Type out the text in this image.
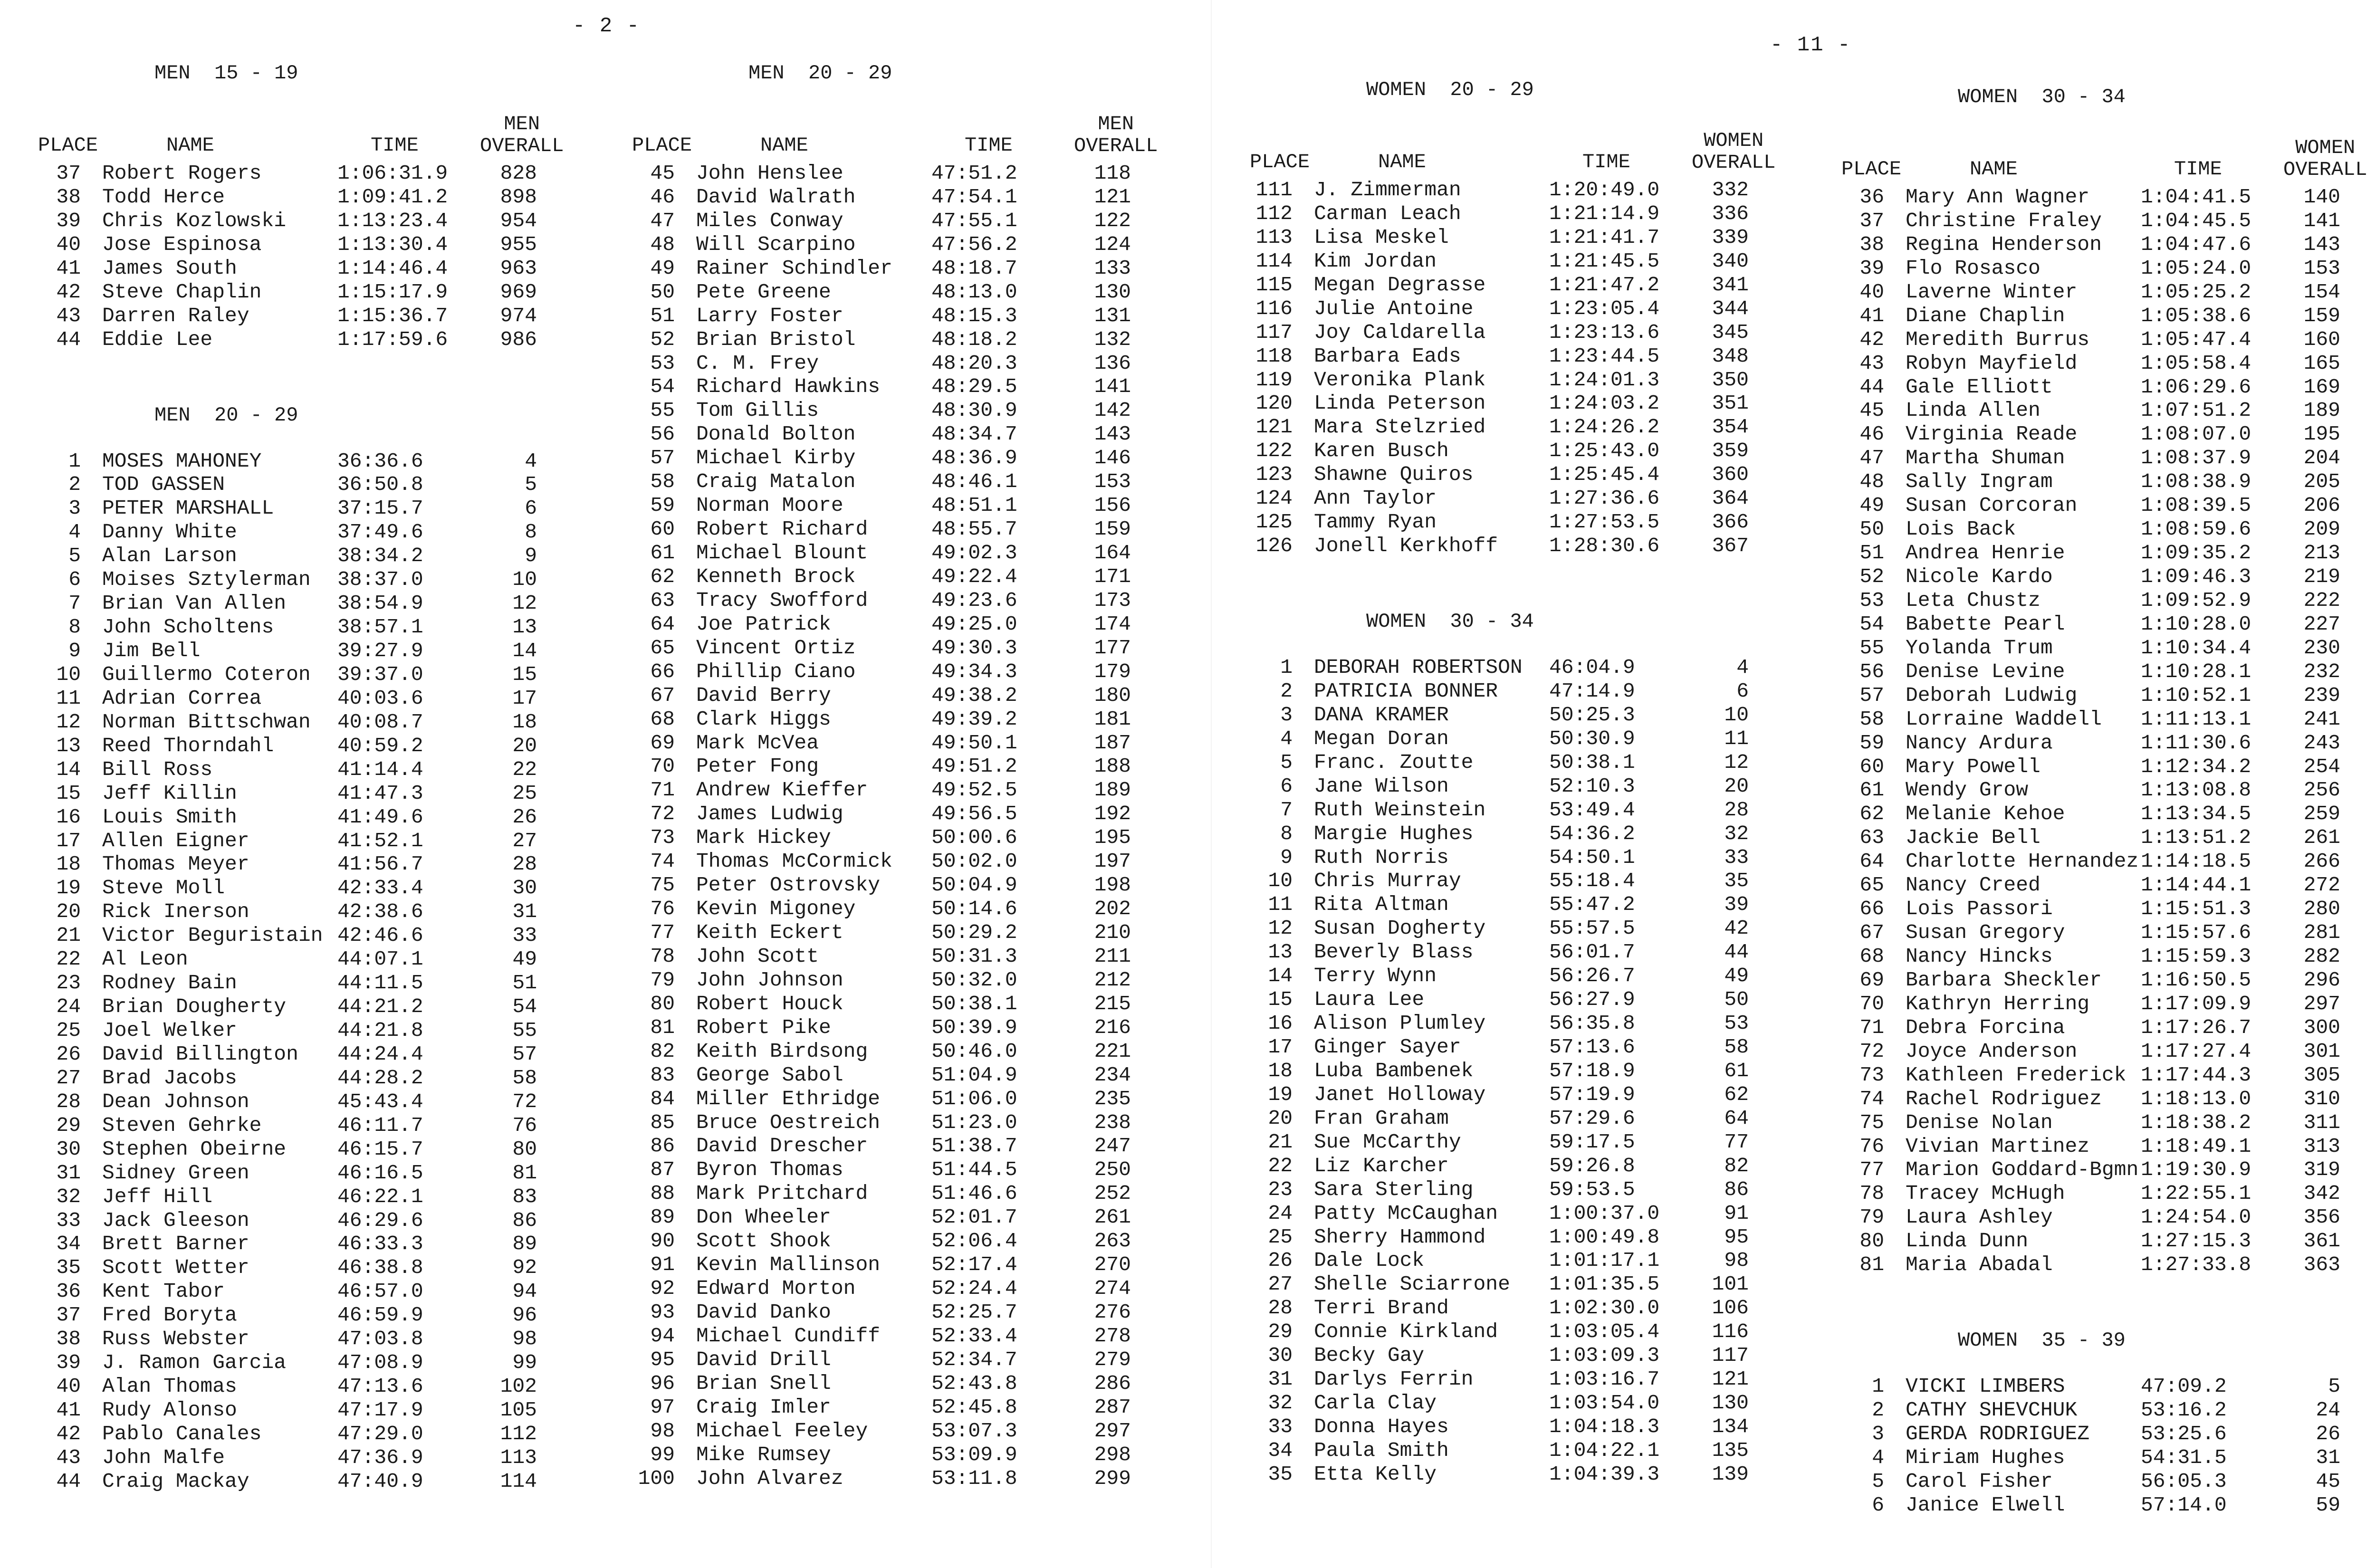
- 2 -
- 11 -
MEN  15 - 19
PLACE	NAME	TIME
MEN
OVERALL
37 Robert Rogers	1:06:31.9	828
38 Todd Herce	1:09:41.2	898
39 Chris Kozlowski	1:13:23.4	954
40 Jose Espinosa	1:13:30.4	955
41 James South	1:14:46.4	963
42 Steve Chaplin	1:15:17.9	969
43 Darren Raley	1:15:36.7	974
44 Eddie Lee	1:17:59.6	986
MEN  20 - 29
1 MOSES MAHONEY	36:36.6	4
2 TOD GASSEN	36:50.8	5
3 PETER MARSHALL	37:15.7	6
4 Danny White	37:49.6	8
5 Alan Larson	38:34.2	9
6 Moises Sztylerman 38:37.0	10
7 Brian Van Allen	38:54.9	12
8 John Scholtens	38:57.1	13
9 Jim Bell	39:27.9	14
10 Guillermo Coteron 39:37.0	15
11 Adrian Correa	40:03.6	17
12 Norman Bittschwan 40:08.7	18
13 Reed Thorndahl	40:59.2	20
14 Bill Ross	41:14.4	22
15 Jeff Killin	41:47.3	25
16 Louis Smith	41:49.6	26
17 Allen Eigner	41:52.1	27
18 Thomas Meyer	41:56.7	28
19 Steve Moll	42:33.4	30
20 Rick Inerson	42:38.6	31
21 Victor Beguristain 42:46.6	33
22 Al Leon	44:07.1	49
23 Rodney Bain	44:11.5	51
24 Brian Dougherty	44:21.2	54
25 Joel Welker	44:21.8	55
26 David Billington 44:24.4	57
27 Brad Jacobs	44:28.2	58
28 Dean Johnson	45:43.4	72
29 Steven Gehrke	46:11.7	76
30 Stephen Obeirne	46:15.7	80
31 Sidney Green	46:16.5	81
32 Jeff Hill	46:22.1	83
33 Jack Gleeson	46:29.6	86
34 Brett Barner	46:33.3	89
35 Scott Wetter	46:38.8	92
36 Kent Tabor	46:57.0	94
37 Fred Boryta	46:59.9	96
38 Russ Webster	47:03.8	98
39 J. Ramon Garcia	47:08.9	99
40 Alan Thomas	47:13.6	102
41 Rudy Alonso	47:17.9	105
42 Pablo Canales	47:29.0	112
43 John Malfe	47:36.9	113
44 Craig Mackay	47:40.9	114
MEN  20 - 29
PLACE	NAME	TIME
MEN
OVERALL
45 John Henslee	47:51.2	118
46 David Walrath	47:54.1	121
47 Miles Conway	47:55.1	122
48 Will Scarpino	47:56.2	124
49 Rainer Schindler 48:18.7	133
50 Pete Greene	48:13.0	130
51 Larry Foster	48:15.3	131
52 Brian Bristol	48:18.2	132
53 C. M. Frey	48:20.3	136
54 Richard Hawkins	48:29.5	141
55 Tom Gillis	48:30.9	142
56 Donald Bolton	48:34.7	143
57 Michael Kirby	48:36.9	146
58 Craig Matalon	48:46.1	153
59 Norman Moore	48:51.1	156
60 Robert Richard	48:55.7	159
61 Michael Blount	49:02.3	164
62 Kenneth Brock	49:22.4	171
63 Tracy Swofford	49:23.6	173
64 Joe Patrick	49:25.0	174
65 Vincent Ortiz	49:30.3	177
66 Phillip Ciano	49:34.3	179
67 David Berry	49:38.2	180
68 Clark Higgs	49:39.2	181
69 Mark McVea	49:50.1	187
70 Peter Fong	49:51.2	188
71 Andrew Kieffer	49:52.5	189
72 James Ludwig	49:56.5	192
73 Mark Hickey	50:00.6	195
74 Thomas McCormick 50:02.0	197
75 Peter Ostrovsky	50:04.9	198
76 Kevin Migoney	50:14.6	202
77 Keith Eckert	50:29.2	210
78 John Scott	50:31.3	211
79 John Johnson	50:32.0	212
80 Robert Houck	50:38.1	215
81 Robert Pike	50:39.9	216
82 Keith Birdsong	50:46.0	221
83 George Sabol	51:04.9	234
84 Miller Ethridge	51:06.0	235
85 Bruce Oestreich	51:23.0	238
86 David Drescher	51:38.7	247
87 Byron Thomas	51:44.5	250
88 Mark Pritchard	51:46.6	252
89 Don Wheeler	52:01.7	261
90 Scott Shook	52:06.4	263
91 Kevin Mallinson	52:17.4	270
92 Edward Morton	52:24.4	274
93 David Danko	52:25.7	276
94 Michael Cundiff	52:33.4	278
95 David Drill	52:34.7	279
96 Brian Snell	52:43.8	286
97 Craig Imler	52:45.8	287
98 Michael Feeley	53:07.3	297
99 Mike Rumsey	53:09.9	298
100 John Alvarez	53:11.8	299
WOMEN  20 - 29
PLACE	NAME	TIME
WOMEN
OVERALL
111 J. Zimmerman	1:20:49.0	332
112 Carman Leach	1:21:14.9	336
113 Lisa Meskel	1:21:41.7	339
114 Kim Jordan	1:21:45.5	340
115 Megan Degrasse	1:21:47.2	341
116 Julie Antoine	1:23:05.4	344
117 Joy Caldarella	1:23:13.6	345
118 Barbara Eads	1:23:44.5	348
119 Veronika Plank	1:24:01.3	350
120 Linda Peterson	1:24:03.2	351
121 Mara Stelzried	1:24:26.2	354
122 Karen Busch	1:25:43.0	359
123 Shawne Quiros	1:25:45.4	360
124 Ann Taylor	1:27:36.6	364
125 Tammy Ryan	1:27:53.5	366
126 Jonell Kerkhoff	1:28:30.6	367
WOMEN  30 - 34
1 DEBORAH ROBERTSON 46:04.9	4
2 PATRICIA BONNER	47:14.9	6
3 DANA KRAMER	50:25.3	10
4 Megan Doran	50:30.9	11
5 Franc. Zoutte	50:38.1	12
6 Jane Wilson	52:10.3	20
7 Ruth Weinstein	53:49.4	28
8 Margie Hughes	54:36.2	32
9 Ruth Norris	54:50.1	33
10 Chris Murray	55:18.4	35
11 Rita Altman	55:47.2	39
12 Susan Dogherty	55:57.5	42
13 Beverly Blass	56:01.7	44
14 Terry Wynn	56:26.7	49
15 Laura Lee	56:27.9	50
16 Alison Plumley	56:35.8	53
17 Ginger Sayer	57:13.6	58
18 Luba Bambenek	57:18.9	61
19 Janet Holloway	57:19.9	62
20 Fran Graham	57:29.6	64
21 Sue McCarthy	59:17.5	77
22 Liz Karcher	59:26.8	82
23 Sara Sterling	59:53.5	86
24 Patty McCaughan	1:00:37.0	91
25 Sherry Hammond	1:00:49.8	95
26 Dale Lock	1:01:17.1	98
27 Shelle Sciarrone 1:01:35.5	101
28 Terri Brand	1:02:30.0	106
29 Connie Kirkland	1:03:05.4	116
30 Becky Gay	1:03:09.3	117
31 Darlys Ferrin	1:03:16.7	121
32 Carla Clay	1:03:54.0	130
33 Donna Hayes	1:04:18.3	134
34 Paula Smith	1:04:22.1	135
35 Etta Kelly	1:04:39.3	139
WOMEN  30 - 34
PLACE	NAME	TIME
WOMEN
OVERALL
36 Mary Ann Wagner	1:04:41.5	140
37 Christine Fraley 1:04:45.5	141
38 Regina Henderson 1:04:47.6	143
39 Flo Rosasco	1:05:24.0	153
40 Laverne Winter	1:05:25.2	154
41 Diane Chaplin	1:05:38.6	159
42 Meredith Burrus	1:05:47.4	160
43 Robyn Mayfield	1:05:58.4	165
44 Gale Elliott	1:06:29.6	169
45 Linda Allen	1:07:51.2	189
46 Virginia Reade	1:08:07.0	195
47 Martha Shuman	1:08:37.9	204
48 Sally Ingram	1:08:38.9	205
49 Susan Corcoran	1:08:39.5	206
50 Lois Back	1:08:59.6	209
51 Andrea Henrie	1:09:35.2	213
52 Nicole Kardo	1:09:46.3	219
53 Leta Chustz	1:09:52.9	222
54 Babette Pearl	1:10:28.0	227
55 Yolanda Trum	1:10:34.4	230
56 Denise Levine	1:10:28.1	232
57 Deborah Ludwig	1:10:52.1	239
58 Lorraine Waddell 1:11:13.1	241
59 Nancy Ardura	1:11:30.6	243
60 Mary Powell	1:12:34.2	254
61 Wendy Grow	1:13:08.8	256
62 Melanie Kehoe	1:13:34.5	259
63 Jackie Bell	1:13:51.2	261
64 Charlotte Hernandez 1:14:18.5	266
65 Nancy Creed	1:14:44.1	272
66 Lois Passori	1:15:51.3	280
67 Susan Gregory	1:15:57.6	281
68 Nancy Hincks	1:15:59.3	282
69 Barbara Sheckler 1:16:50.5	296
70 Kathryn Herring	1:17:09.9	297
71 Debra Forcina	1:17:26.7	300
72 Joyce Anderson	1:17:27.4	301
73 Kathleen Frederick 1:17:44.3	305
74 Rachel Rodriguez 1:18:13.0	310
75 Denise Nolan	1:18:38.2	311
76 Vivian Martinez	1:18:49.1	313
77 Marion Goddard-Bgmn 1:19:30.9	319
78 Tracey McHugh	1:22:55.1	342
79 Laura Ashley	1:24:54.0	356
80 Linda Dunn	1:27:15.3	361
81 Maria Abadal	1:27:33.8	363
WOMEN  35 - 39
1 VICKI LIMBERS	47:09.2	5
2 CATHY SHEVCHUK	53:16.2	24
3 GERDA RODRIGUEZ	53:25.6	26
4 Miriam Hughes	54:31.5	31
5 Carol Fisher	56:05.3	45
6 Janice Elwell	57:14.0	59
